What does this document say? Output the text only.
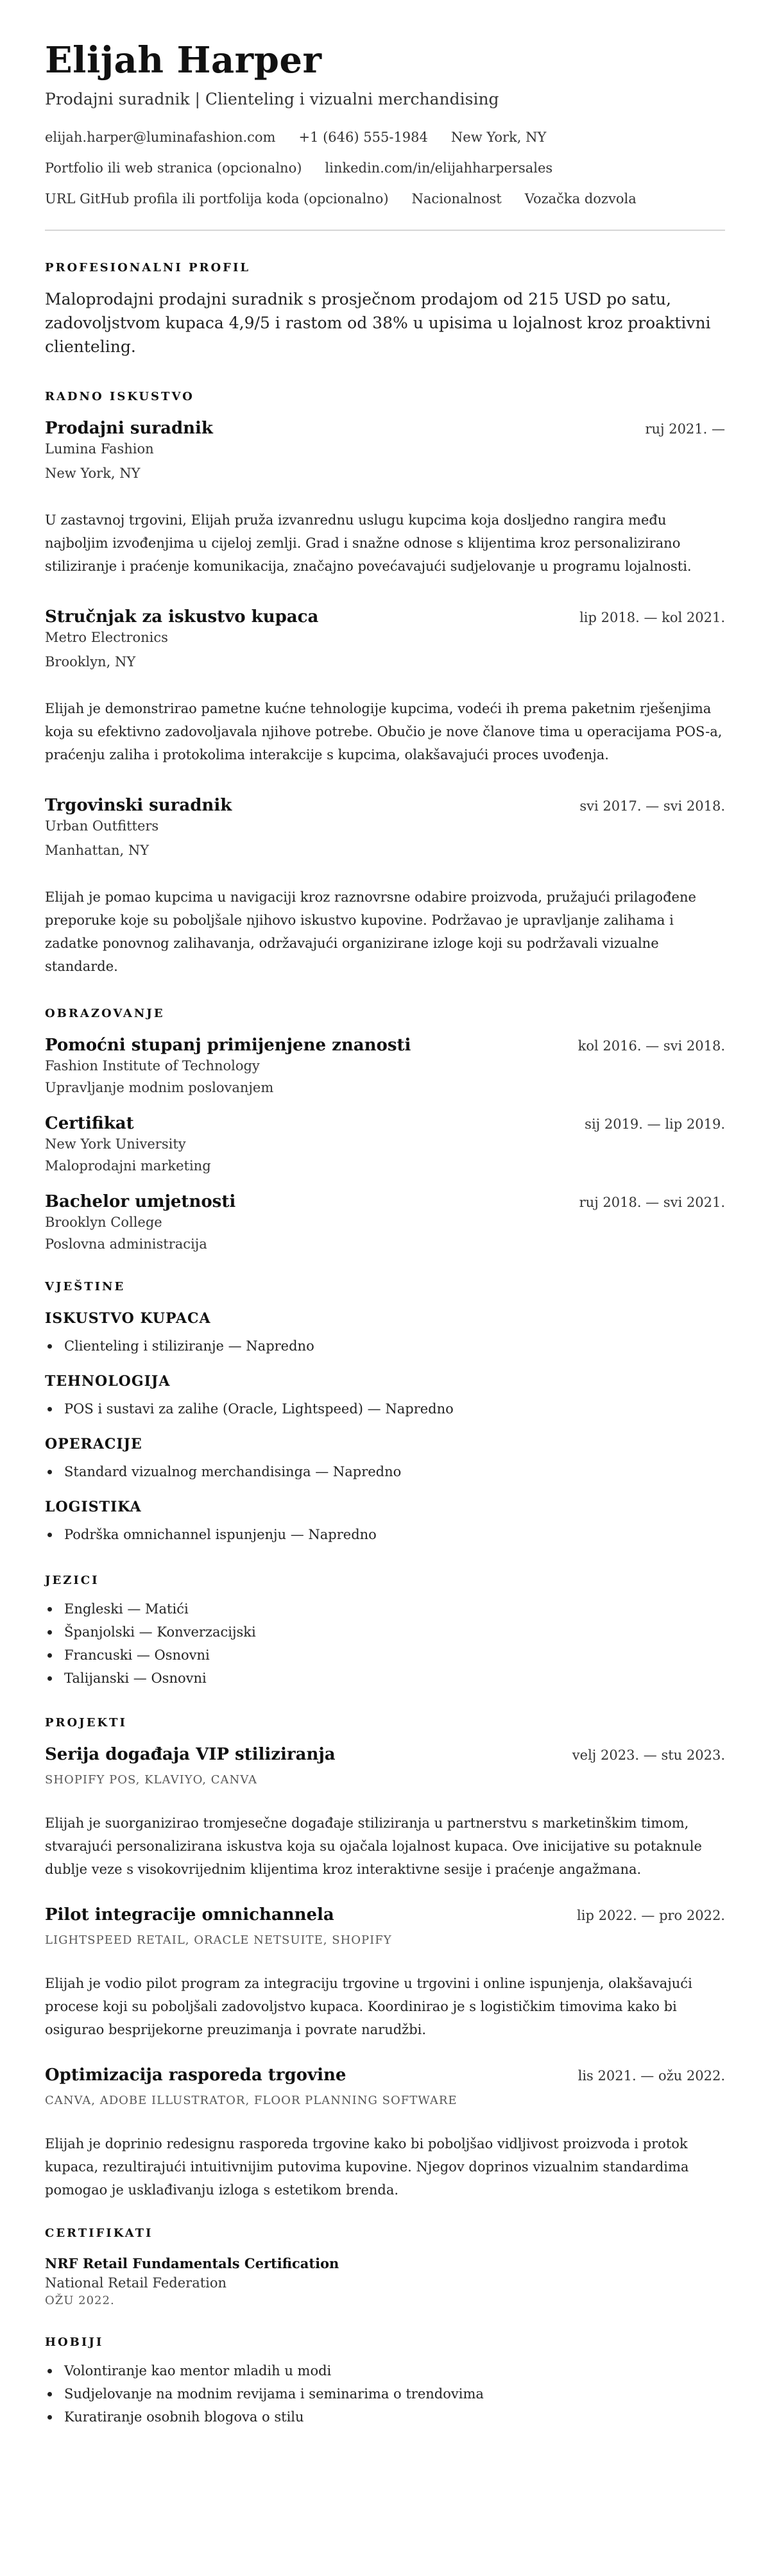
Elijah Harper
Prodajni suradnik | Clienteling i vizualni merchandising
elijah.harper@luminafashion.com +1 (646) 555-1984 New York, NY
Portfolio ili web stranica (opcionalno) linkedin.com/in/elijahharpersales
URL GitHub profila ili portfolija koda (opcionalno) Nacionalnost Vozačka dozvola
PROFESIONALNI PROFIL

Maloprodajni prodajni suradnik s prosječnom prodajom od 215 USD po satu, zadovoljstvom kupaca 4,9/5 i rastom od 38% u upisima u lojalnost kroz proaktivni clienteling.

RADNO ISKUSTVO
Prodajni suradnik	ruj 2021. —
Lumina Fashion
New York, NY

U zastavnoj trgovini, Elijah pruža izvanrednu uslugu kupcima koja dosljedno rangira među najboljim izvođenjima u cijeloj zemlji. Grad i snažne odnose s klijentima kroz personalizirano stiliziranje i praćenje komunikacija, značajno povećavajući sudjelovanje u programu lojalnosti.

Stručnjak za iskustvo kupaca	lip 2018. — kol 2021.
Metro Electronics
Brooklyn, NY

Elijah je demonstrirao pametne kućne tehnologije kupcima, vodeći ih prema paketnim rješenjima koja su efektivno zadovoljavala njihove potrebe. Obučio je nove članove tima u operacijama POS-a, praćenju zaliha i protokolima interakcije s kupcima, olakšavajući proces uvođenja.

Trgovinski suradnik	svi 2017. — svi 2018.
Urban Outfitters
Manhattan, NY

Elijah je pomao kupcima u navigaciji kroz raznovrsne odabire proizvoda, pružajući prilagođene preporuke koje su poboljšale njihovo iskustvo kupovine. Podržavao je upravljanje zalihama i zadatke ponovnog zalihavanja, održavajući organizirane izloge koji su podržavali vizualne standarde.

OBRAZOVANJE
Pomoćni stupanj primijenjene znanosti	kol 2016. — svi 2018.
Fashion Institute of Technology
Upravljanje modnim poslovanjem
Certifikat	sij 2019. — lip 2019.
New York University
Maloprodajni marketing
Bachelor umjetnosti	ruj 2018. — svi 2021.
Brooklyn College
Poslovna administracija
VJEŠTINE
ISKUSTVO KUPACA
Clienteling i stiliziranje — Napredno
TEHNOLOGIJA
POS i sustavi za zalihe (Oracle, Lightspeed) — Napredno
OPERACIJE
Standard vizualnog merchandisinga — Napredno
LOGISTIKA
Podrška omnichannel ispunjenju — Napredno
JEZICI
Engleski — Matići
Španjolski — Konverzacijski
Francuski — Osnovni
Talijanski — Osnovni
PROJEKTI
Serija događaja VIP stiliziranja	velj 2023. — stu 2023.
SHOPIFY POS, KLAVIYO, CANVA

Elijah je suorganizirao tromjesečne događaje stiliziranja u partnerstvu s marketinškim timom, stvarajući personalizirana iskustva koja su ojačala lojalnost kupaca. Ove inicijative su potaknule dublje veze s visokovrijednim klijentima kroz interaktivne sesije i praćenje angažmana.

Pilot integracije omnichannela	lip 2022. — pro 2022.
LIGHTSPEED RETAIL, ORACLE NETSUITE, SHOPIFY

Elijah je vodio pilot program za integraciju trgovine u trgovini i online ispunjenja, olakšavajući procese koji su poboljšali zadovoljstvo kupaca. Koordinirao je s logističkim timovima kako bi osigurao besprijekorne preuzimanja i povrate narudžbi.

Optimizacija rasporeda trgovine	lis 2021. — ožu 2022.
CANVA, ADOBE ILLUSTRATOR, FLOOR PLANNING SOFTWARE

Elijah je doprinio redesignu rasporeda trgovine kako bi poboljšao vidljivost proizvoda i protok kupaca, rezultirajući intuitivnijim putovima kupovine. Njegov doprinos vizualnim standardima pomogao je usklađivanju izloga s estetikom brenda.

CERTIFIKATI
NRF Retail Fundamentals Certification
National Retail Federation
OŽU 2022.
HOBIJI
Volontiranje kao mentor mladih u modi
Sudjelovanje na modnim revijama i seminarima o trendovima
Kuratiranje osobnih blogova o stilu
